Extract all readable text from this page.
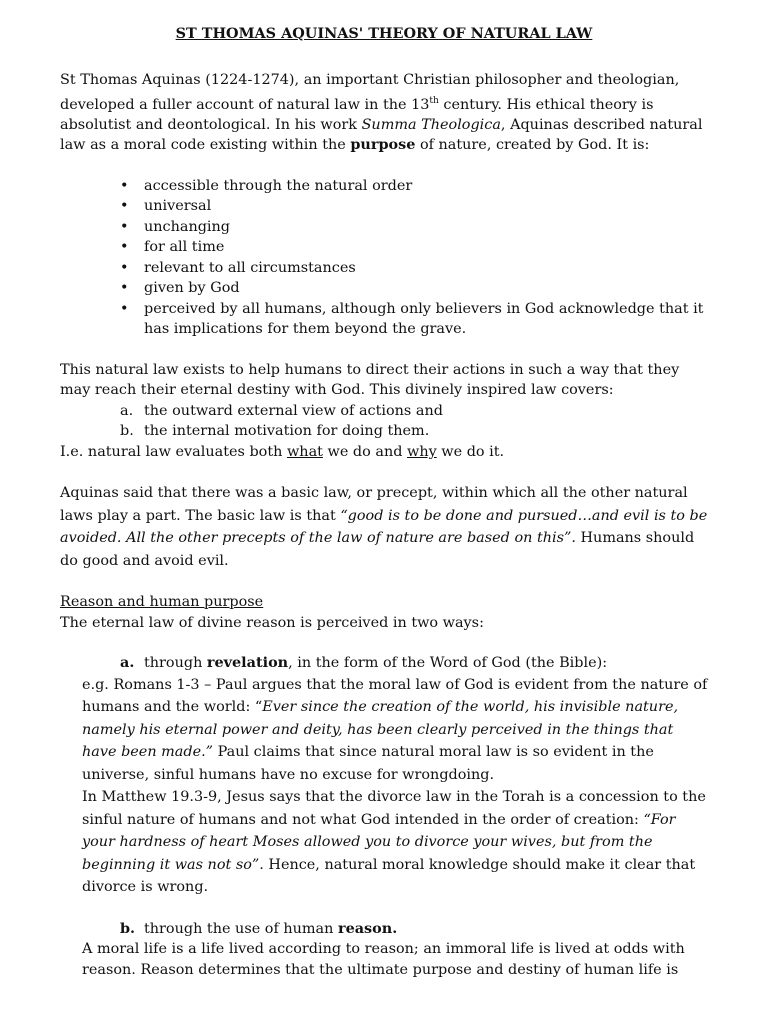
ST THOMAS AQUINAS' THEORY OF NATURAL LAW

St Thomas Aquinas (1224-1274), an important Christian philosopher and theologian, developed a fuller account of natural law in the 13th century. His ethical theory is absolutist and deontological. In his work Summa Theologica, Aquinas described natural law as a moral code existing within the purpose of nature, created by God. It is:

• accessible through the natural order
• universal
• unchanging
• for all time
• relevant to all circumstances
• given by God
• perceived by all humans, although only believers in God acknowledge that it has implications for them beyond the grave.

This natural law exists to help humans to direct their actions in such a way that they may reach their eternal destiny with God. This divinely inspired law covers:

a. the outward external view of actions and
b. the internal motivation for doing them.

I.e. natural law evaluates both what we do and why we do it.

Aquinas said that there was a basic law, or precept, within which all the other natural laws play a part. The basic law is that “good is to be done and pursued…and evil is to be avoided. All the other precepts of the law of nature are based on this”. Humans should do good and avoid evil.

Reason and human purpose

The eternal law of divine reason is perceived in two ways:

a. through revelation, in the form of the Word of God (the Bible):

e.g. Romans 1-3 – Paul argues that the moral law of God is evident from the nature of humans and the world: “Ever since the creation of the world, his invisible nature, namely his eternal power and deity, has been clearly perceived in the things that have been made.” Paul claims that since natural moral law is so evident in the universe, sinful humans have no excuse for wrongdoing.

In Matthew 19.3-9, Jesus says that the divorce law in the Torah is a concession to the sinful nature of humans and not what God intended in the order of creation: “For your hardness of heart Moses allowed you to divorce your wives, but from the beginning it was not so”. Hence, natural moral knowledge should make it clear that divorce is wrong.

b. through the use of human reason.

A moral life is a life lived according to reason; an immoral life is lived at odds with reason. Reason determines that the ultimate purpose and destiny of human life is
